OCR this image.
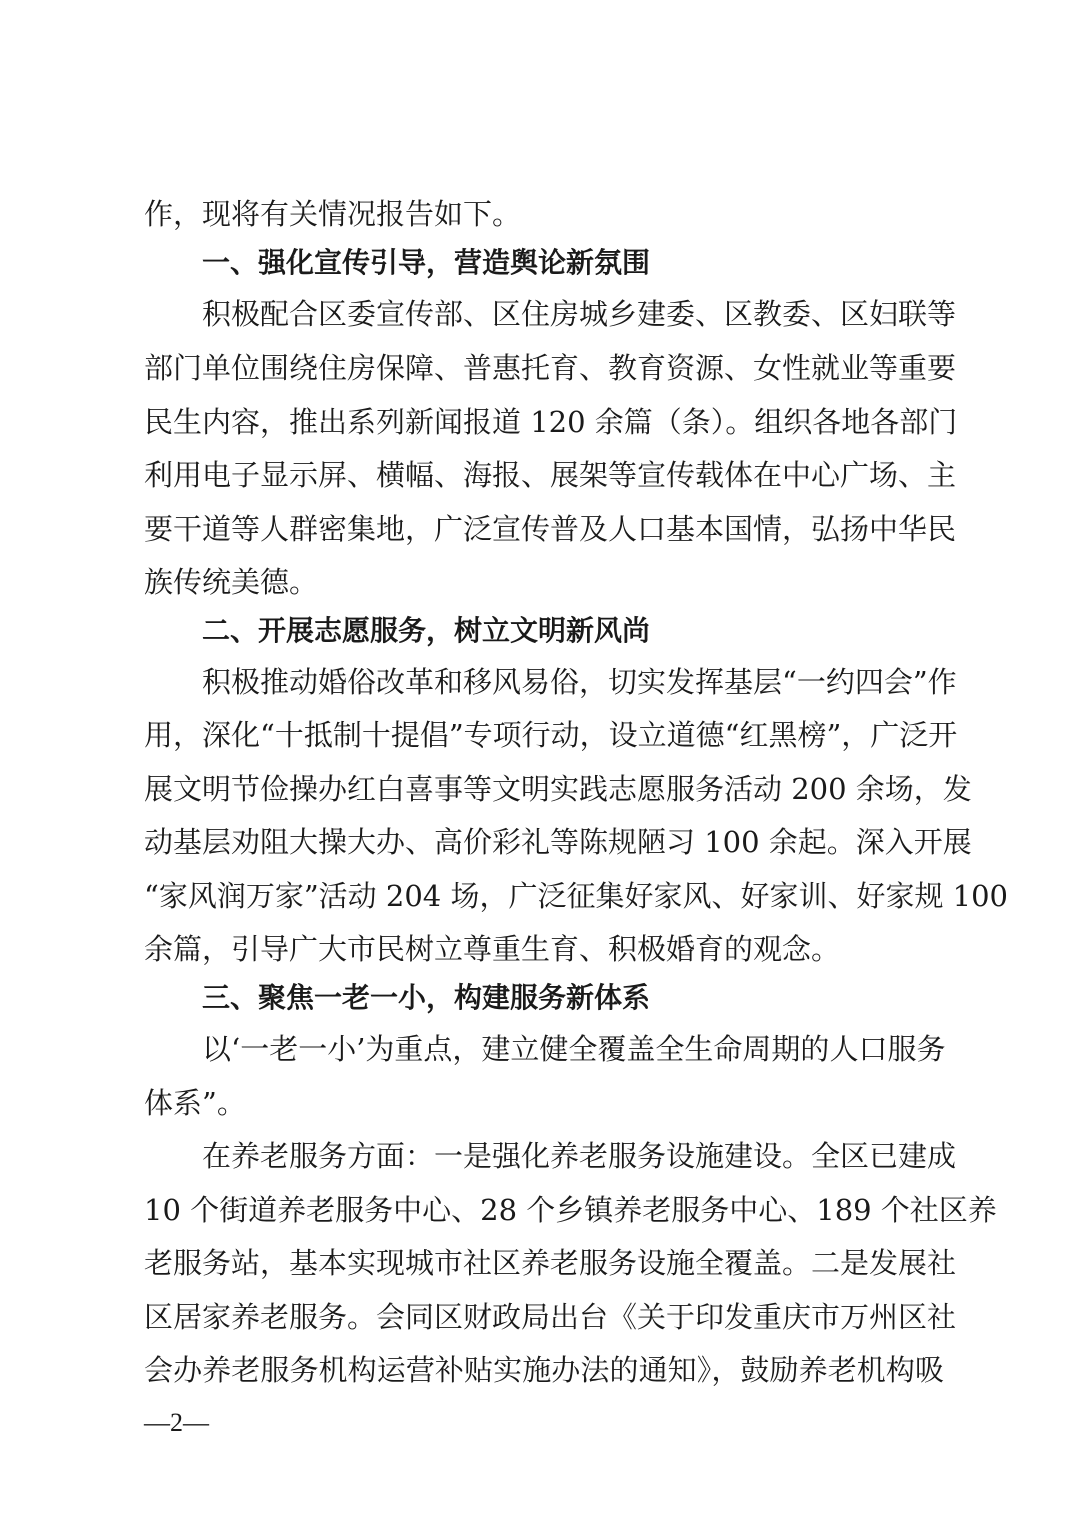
作，现将有关情况报告如下。
一、强化宣传引导，营造舆论新氛围
积极配合区委宣传部、区住房城乡建委、区教委、区妇联等
部门单位围绕住房保障、普惠托育、教育资源、女性就业等重要
民生内容，推出系列新闻报道 120 余篇（条）。组织各地各部门
利用电子显示屏、横幅、海报、展架等宣传载体在中心广场、主
要干道等人群密集地，广泛宣传普及人口基本国情，弘扬中华民
族传统美德。
二、开展志愿服务，树立文明新风尚
积极推动婚俗改革和移风易俗，切实发挥基层“一约四会”作
用，深化“十抵制十提倡”专项行动，设立道德“红黑榜”，广泛开
展文明节俭操办红白喜事等文明实践志愿服务活动 200 余场，发
动基层劝阻大操大办、高价彩礼等陈规陋习 100 余起。深入开展
“家风润万家”活动 204 场，广泛征集好家风、好家训、好家规 100
余篇，引导广大市民树立尊重生育、积极婚育的观念。
三、聚焦一老一小，构建服务新体系
以‘一老一小’为重点，建立健全覆盖全生命周期的人口服务
体系”。
在养老服务方面：一是强化养老服务设施建设。全区已建成
10 个街道养老服务中心、28 个乡镇养老服务中心、189 个社区养
老服务站，基本实现城市社区养老服务设施全覆盖。二是发展社
区居家养老服务。会同区财政局出台《关于印发重庆市万州区社
会办养老服务机构运营补贴实施办法的通知》，鼓励养老机构吸
—2—
